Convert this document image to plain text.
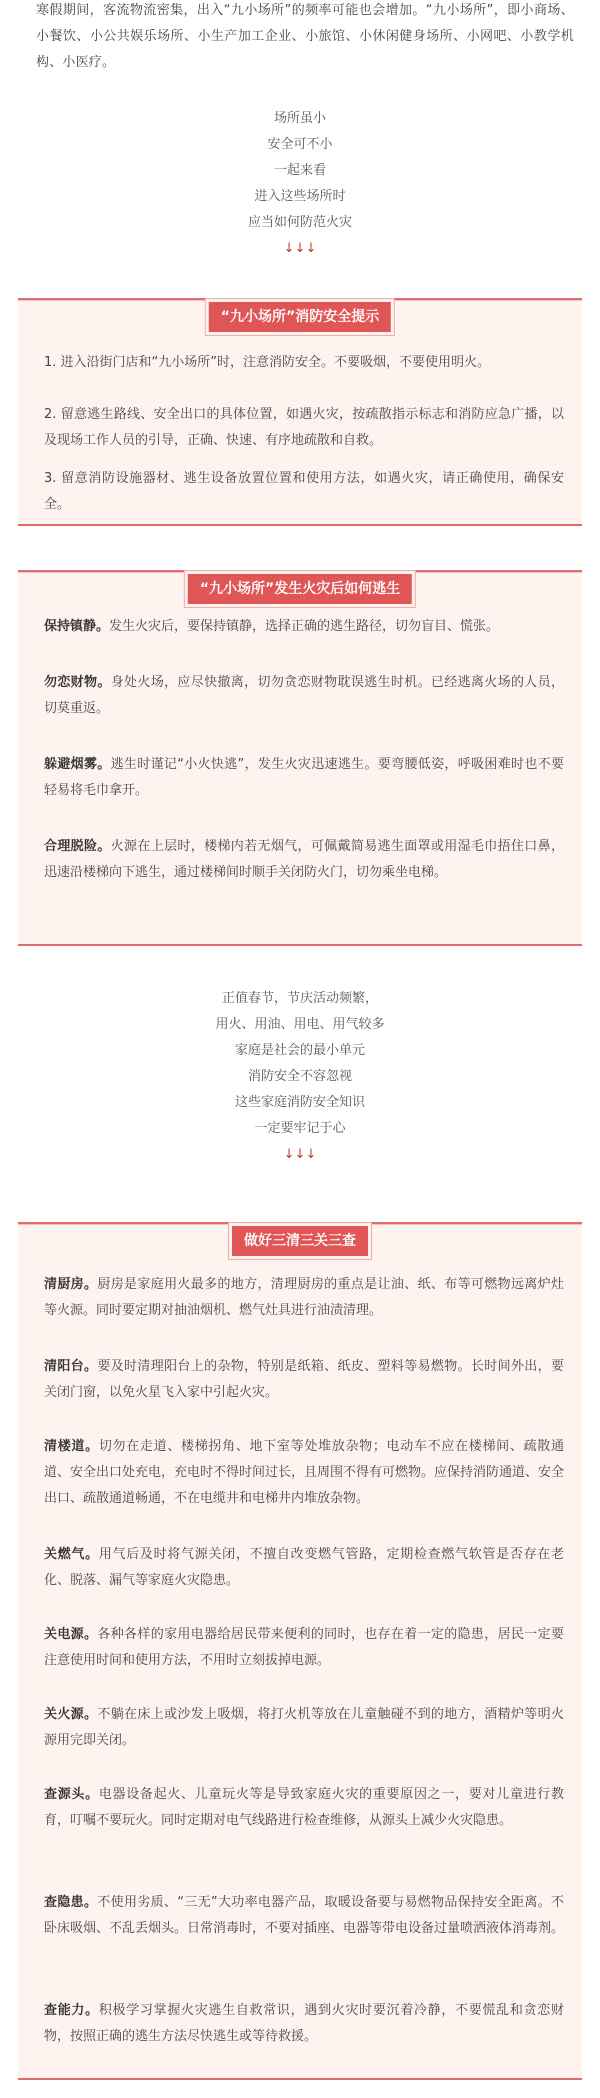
寒假期间，客流物流密集，出入“九小场所”的频率可能也会增加。“九小场所”，即小商场、小餐饮、小公共娱乐场所、小生产加工企业、小旅馆、小休闲健身场所、小网吧、小教学机构、小医疗。

场所虽小
安全可不小
一起来看
进入这些场所时
应当如何防范火灾
↓↓↓
“九小场所”消防安全提示
1. 进入沿街门店和“九小场所”时，注意消防安全。不要吸烟，不要使用明火。
2. 留意逃生路线、安全出口的具体位置，如遇火灾，按疏散指示标志和消防应急广播，以及现场工作人员的引导，正确、快速、有序地疏散和自救。
3. 留意消防设施器材、逃生设备放置位置和使用方法，如遇火灾，请正确使用，确保安全。
“九小场所”发生火灾后如何逃生
保持镇静。发生火灾后，要保持镇静，选择正确的逃生路径，切勿盲目、慌张。
勿恋财物。身处火场，应尽快撤离，切勿贪恋财物耽误逃生时机。已经逃离火场的人员，切莫重返。
躲避烟雾。逃生时谨记“小火快逃”，发生火灾迅速逃生。要弯腰低姿，呼吸困难时也不要轻易将毛巾拿开。
合理脱险。火源在上层时，楼梯内若无烟气，可佩戴简易逃生面罩或用湿毛巾捂住口鼻，迅速沿楼梯向下逃生，通过楼梯间时顺手关闭防火门，切勿乘坐电梯。
正值春节，节庆活动频繁，
用火、用油、用电、用气较多
家庭是社会的最小单元
消防安全不容忽视
这些家庭消防安全知识
一定要牢记于心
↓↓↓
做好三清三关三查
清厨房。厨房是家庭用火最多的地方，清理厨房的重点是让油、纸、布等可燃物远离炉灶等火源。同时要定期对抽油烟机、燃气灶具进行油渍清理。
清阳台。要及时清理阳台上的杂物，特别是纸箱、纸皮、塑料等易燃物。长时间外出，要关闭门窗，以免火星飞入家中引起火灾。
清楼道。切勿在走道、楼梯拐角、地下室等处堆放杂物；电动车不应在楼梯间、疏散通道、安全出口处充电，充电时不得时间过长，且周围不得有可燃物。应保持消防通道、安全出口、疏散通道畅通，不在电缆井和电梯井内堆放杂物。
关燃气。用气后及时将气源关闭，不擅自改变燃气管路，定期检查燃气软管是否存在老化、脱落、漏气等家庭火灾隐患。
关电源。各种各样的家用电器给居民带来便利的同时，也存在着一定的隐患，居民一定要注意使用时间和使用方法，不用时立刻拔掉电源。
关火源。不躺在床上或沙发上吸烟，将打火机等放在儿童触碰不到的地方，酒精炉等明火源用完即关闭。
查源头。电器设备起火、儿童玩火等是导致家庭火灾的重要原因之一，要对儿童进行教育，叮嘱不要玩火。同时定期对电气线路进行检查维修，从源头上减少火灾隐患。
查隐患。不使用劣质、“三无”大功率电器产品，取暖设备要与易燃物品保持安全距离。不卧床吸烟、不乱丢烟头。日常消毒时，不要对插座、电器等带电设备过量喷洒液体消毒剂。
查能力。积极学习掌握火灾逃生自救常识，遇到火灾时要沉着冷静，不要慌乱和贪恋财物，按照正确的逃生方法尽快逃生或等待救援。
